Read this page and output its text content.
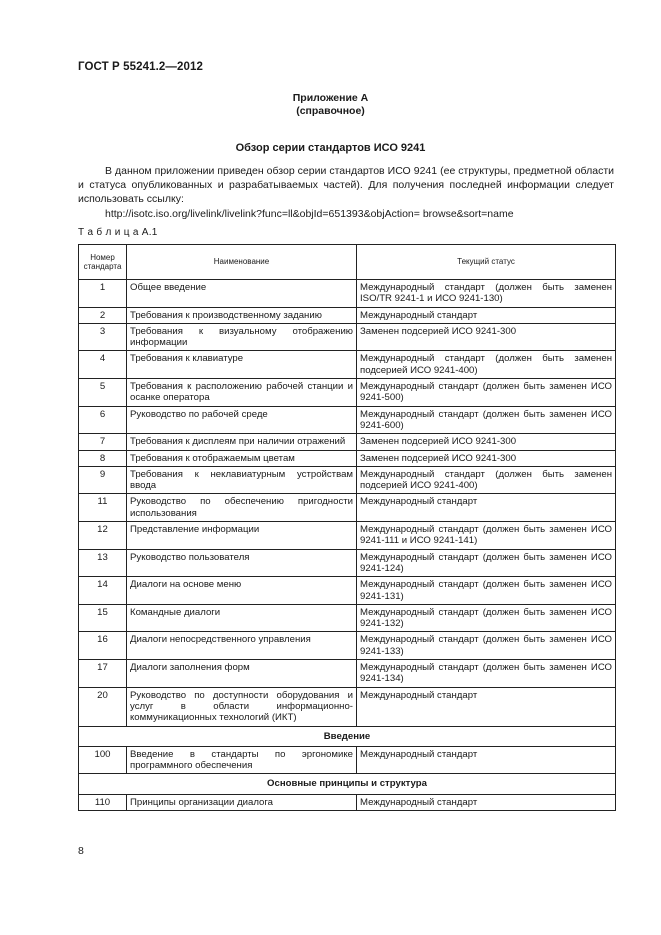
ГОСТ Р 55241.2—2012
Приложение А
(справочное)
Обзор серии стандартов ИСО 9241
В данном приложении приведен обзор серии стандартов ИСО 9241 (ее структуры, предметной области и статуса опубликованных и разрабатываемых частей). Для получения последней информации следует использовать ссылку:
http://isotc.iso.org/livelink/livelink?func=ll&objId=651393&objAction= browse&sort=name
Т а б л и ц а А.1
Номер стандарта	Наименование	Текущий статус
1	Общее введение	Международный стандарт (должен быть заменен ISO/TR 9241-1 и ИСО 9241-130)
2	Требования к производственному заданию	Международный стандарт
3	Требования к визуальному отображению информации	Заменен подсерией ИСО 9241-300
4	Требования к клавиатуре	Международный стандарт (должен быть заменен подсерией ИСО 9241-400)
5	Требования к расположению рабочей станции и осанке оператора	Международный стандарт (должен быть заменен ИСО 9241-500)
6	Руководство по рабочей среде	Международный стандарт (должен быть заменен ИСО 9241-600)
7	Требования к дисплеям при наличии отражений	Заменен подсерией ИСО 9241-300
8	Требования к отображаемым цветам	Заменен подсерией ИСО 9241-300
9	Требования к неклавиатурным устройствам ввода	Международный стандарт (должен быть заменен подсерией ИСО 9241-400)
11	Руководство по обеспечению пригодности использования	Международный стандарт
12	Представление информации	Международный стандарт (должен быть заменен ИСО 9241-111 и ИСО 9241-141)
13	Руководство пользователя	Международный стандарт (должен быть заменен ИСО 9241-124)
14	Диалоги на основе меню	Международный стандарт (должен быть заменен ИСО 9241-131)
15	Командные диалоги	Международный стандарт (должен быть заменен ИСО 9241-132)
16	Диалоги непосредственного управления	Международный стандарт (должен быть заменен ИСО 9241-133)
17	Диалоги заполнения форм	Международный стандарт (должен быть заменен ИСО 9241-134)
20	Руководство по доступности оборудования и услуг в области информационно-коммуникационных технологий (ИКТ)	Международный стандарт
Введение		
100	Введение в стандарты по эргономике программного обеспечения	Международный стандарт
Основные принципы и структура		
110	Принципы организации диалога	Международный стандарт
8
